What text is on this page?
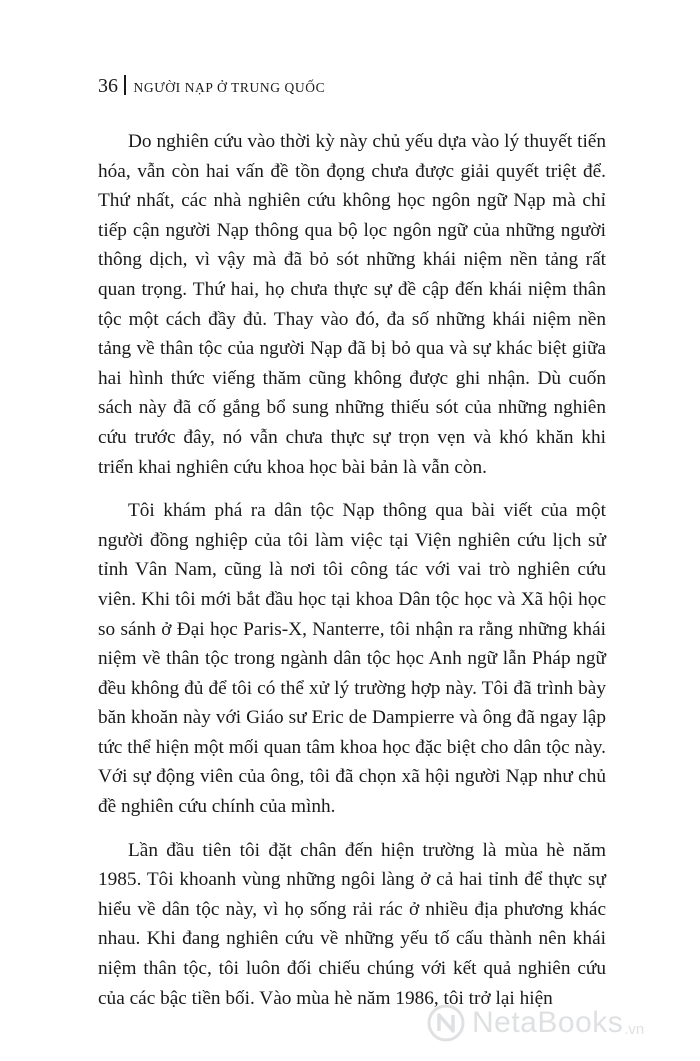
36 NGƯỜI NẠP Ở TRUNG QUỐC

Do nghiên cứu vào thời kỳ này chủ yếu dựa vào lý thuyết tiến hóa, vẫn còn hai vấn đề tồn đọng chưa được giải quyết triệt để. Thứ nhất, các nhà nghiên cứu không học ngôn ngữ Nạp mà chỉ tiếp cận người Nạp thông qua bộ lọc ngôn ngữ của những người thông dịch, vì vậy mà đã bỏ sót những khái niệm nền tảng rất quan trọng. Thứ hai, họ chưa thực sự đề cập đến khái niệm thân tộc một cách đầy đủ. Thay vào đó, đa số những khái niệm nền tảng về thân tộc của người Nạp đã bị bỏ qua và sự khác biệt giữa hai hình thức viếng thăm cũng không được ghi nhận. Dù cuốn sách này đã cố gắng bổ sung những thiếu sót của những nghiên cứu trước đây, nó vẫn chưa thực sự trọn vẹn và khó khăn khi triển khai nghiên cứu khoa học bài bản là vẫn còn.

Tôi khám phá ra dân tộc Nạp thông qua bài viết của một người đồng nghiệp của tôi làm việc tại Viện nghiên cứu lịch sử tỉnh Vân Nam, cũng là nơi tôi công tác với vai trò nghiên cứu viên. Khi tôi mới bắt đầu học tại khoa Dân tộc học và Xã hội học so sánh ở Đại học Paris-X, Nanterre, tôi nhận ra rằng những khái niệm về thân tộc trong ngành dân tộc học Anh ngữ lẫn Pháp ngữ đều không đủ để tôi có thể xử lý trường hợp này. Tôi đã trình bày băn khoăn này với Giáo sư Eric de Dampierre và ông đã ngay lập tức thể hiện một mối quan tâm khoa học đặc biệt cho dân tộc này. Với sự động viên của ông, tôi đã chọn xã hội người Nạp như chủ đề nghiên cứu chính của mình.

Lần đầu tiên tôi đặt chân đến hiện trường là mùa hè năm 1985. Tôi khoanh vùng những ngôi làng ở cả hai tỉnh để thực sự hiểu về dân tộc này, vì họ sống rải rác ở nhiều địa phương khác nhau. Khi đang nghiên cứu về những yếu tố cấu thành nên khái niệm thân tộc, tôi luôn đối chiếu chúng với kết quả nghiên cứu của các bậc tiền bối. Vào mùa hè năm 1986, tôi trở lại hiện

NetaBooks .vn
